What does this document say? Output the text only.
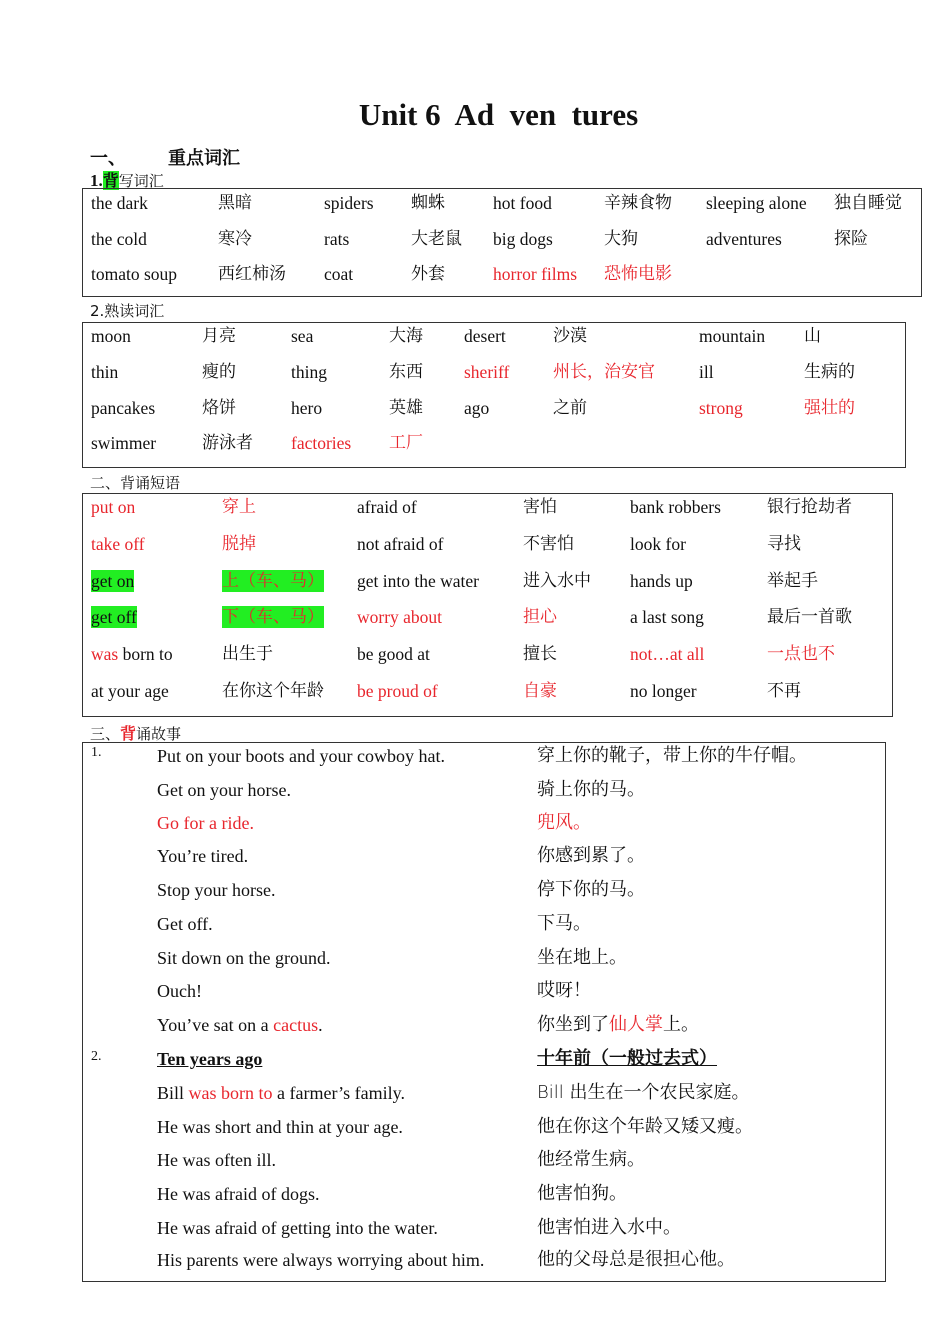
Unit 6 Ad ven tures
一、 重点词汇
1.背写词汇
the dark	黑暗	spiders 蜘蛛	hot food	辛辣食物 sleeping alone 独自睡觉
the cold	寒冷	rats	大老鼠 big dogs	大狗	adventures	探险
tomato soup 西红柿汤 coat	外套	horror films 恐怖电影
2.熟读词汇
moon	月亮	sea	大海 desert	沙漠	mountain 山
thin	瘦的	thing	东西 sheriff	州长，治安官	ill	生病的
pancakes	烙饼	hero	英雄 ago	之前	strong	强壮的
swimmer	游泳者 factories 工厂
二、背诵短语
put on	穿上	afraid of	害怕	bank robbers	银行抢劫者
take off	脱掉	not afraid of	不害怕	look for	寻找
get on	上（车、马） get into the water	进入水中 hands up	举起手
get off	下（车、马） worry about	担心	a last song	最后一首歌
was born to	出生于	be good at	擅长	not…at all	一点也不
at your age	在你这个年龄 be proud of	自豪	no longer	不再
三、背诵故事
1.	Put on your boots and your cowboy hat.	穿上你的靴子，带上你的牛仔帽。
Get on your horse.	骑上你的马。
Go for a ride.	兜风。
You’re tired.	你感到累了。
Stop your horse.	停下你的马。
Get off.	下马。
Sit down on the ground.	坐在地上。
Ouch!	哎呀！
You’ve sat on a cactus.	你坐到了仙人掌上。
2.	Ten years ago	十年前（一般过去式）
Bill was born to a farmer’s family.	Bill 出生在一个农民家庭。
He was short and thin at your age.	他在你这个年龄又矮又瘦。
He was often ill.	他经常生病。
He was afraid of dogs.	他害怕狗。
He was afraid of getting into the water.	他害怕进入水中。
His parents were always worrying about him.	他的父母总是很担心他。
